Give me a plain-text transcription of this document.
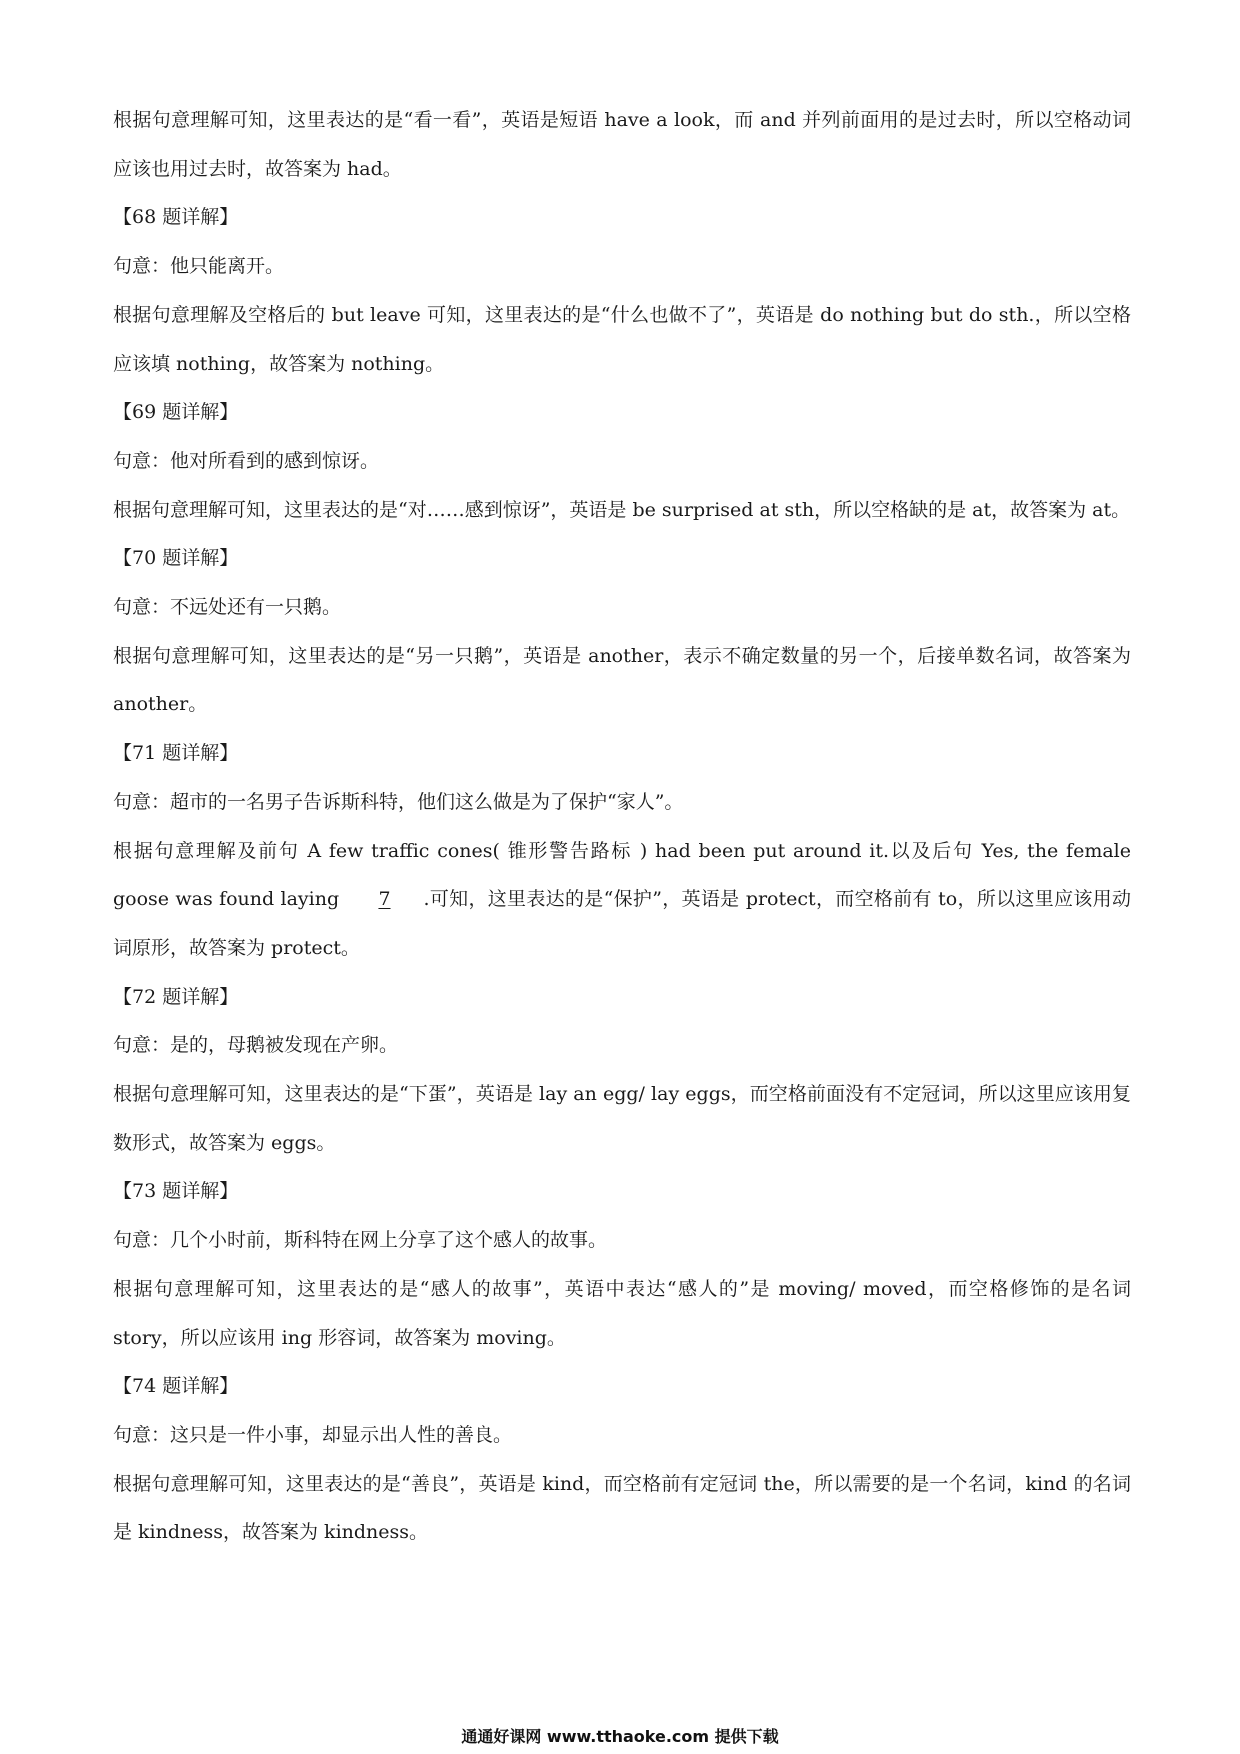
根据句意理解可知，这里表达的是“看一看”，英语是短语 have a look，而 and 并列前面用的是过去时，所以空格动词应该也用过去时，故答案为 had。

【68 题详解】

句意：他只能离开。

根据句意理解及空格后的 but leave 可知，这里表达的是“什么也做不了”，英语是 do nothing but do sth.，所以空格应该填 nothing，故答案为 nothing。

【69 题详解】

句意：他对所看到的感到惊讶。

根据句意理解可知，这里表达的是“对……感到惊讶”，英语是 be surprised at sth，所以空格缺的是 at，故答案为 at。

【70 题详解】

句意：不远处还有一只鹅。

根据句意理解可知，这里表达的是“另一只鹅”，英语是 another，表示不确定数量的另一个，后接单数名词，故答案为 another。

【71 题详解】

句意：超市的一名男子告诉斯科特，他们这么做是为了保护“家人”。

根据句意理解及前句 A few traffic cones( 锥形警告路标 ) had been put around it.以及后句 Yes, the female goose was found laying 7 .可知，这里表达的是“保护”，英语是 protect，而空格前有 to，所以这里应该用动词原形，故答案为 protect。

【72 题详解】

句意：是的，母鹅被发现在产卵。

根据句意理解可知，这里表达的是“下蛋”，英语是 lay an egg/ lay eggs，而空格前面没有不定冠词，所以这里应该用复数形式，故答案为 eggs。

【73 题详解】

句意：几个小时前，斯科特在网上分享了这个感人的故事。

根据句意理解可知，这里表达的是“感人的故事”，英语中表达“感人的”是 moving/ moved，而空格修饰的是名词 story，所以应该用 ing 形容词，故答案为 moving。

【74 题详解】

句意：这只是一件小事，却显示出人性的善良。

根据句意理解可知，这里表达的是“善良”，英语是 kind，而空格前有定冠词 the，所以需要的是一个名词，kind 的名词是 kindness，故答案为 kindness。

通通好课网 www.tthaoke.com 提供下载
